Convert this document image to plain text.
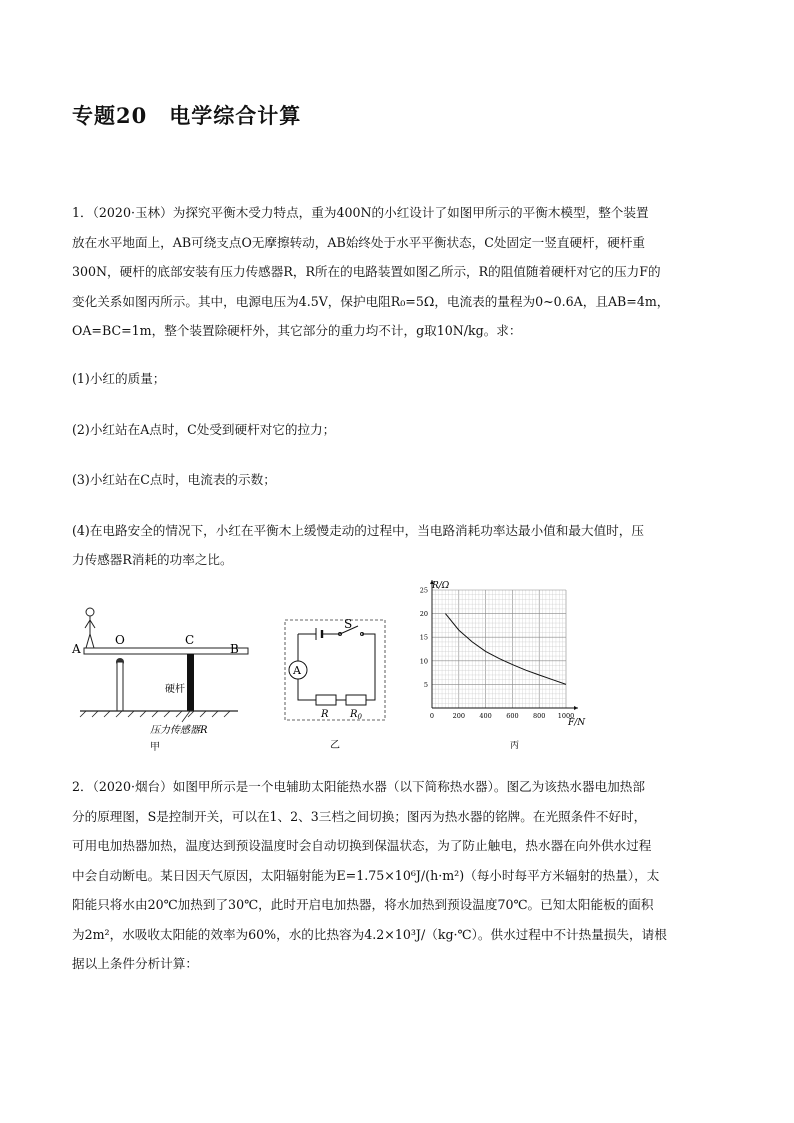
专题20　电学综合计算
1．（2020·玉林）为探究平衡木受力特点，重为400N的小红设计了如图甲所示的平衡木模型，整个装置
放在水平地面上，AB可绕支点O无摩擦转动，AB始终处于水平平衡状态，C处固定一竖直硬杆，硬杆重
300N，硬杆的底部安装有压力传感器R，R所在的电路装置如图乙所示，R的阻值随着硬杆对它的压力F的
变化关系如图丙所示。其中，电源电压为4.5V，保护电阻R₀=5Ω，电流表的量程为0~0.6A，且AB=4m，
OA=BC=1m，整个装置除硬杆外，其它部分的重力均不计，g取10N/kg。求：
(1)小红的质量；
(2)小红站在A点时，C处受到硬杆对它的拉力；
(3)小红站在C点时，电流表的示数；
(4)在电路安全的情况下，小红在平衡木上缓慢走动的过程中，当电路消耗功率达最小值和最大值时，压
力传感器R消耗的功率之比。
A
O	C
B
硬杆
压力传感器R
甲
A
S
R $R_0$
乙
0	200 400 600 800 1000
5
10
15
20
25 R/Ω
F/N
丙
2．（2020·烟台）如图甲所示是一个电辅助太阳能热水器（以下简称热水器）。图乙为该热水器电加热部
分的原理图，S是控制开关，可以在1、2、3三档之间切换；图丙为热水器的铭牌。在光照条件不好时，
可用电加热器加热，温度达到预设温度时会自动切换到保温状态，为了防止触电，热水器在向外供水过程
中会自动断电。某日因天气原因，太阳辐射能为E=1.75×10⁶J/(h·m²)（每小时每平方米辐射的热量），太
阳能只将水由20℃加热到了30℃，此时开启电加热器，将水加热到预设温度70℃。已知太阳能板的面积
为2m²，水吸收太阳能的效率为60%，水的比热容为4.2×10³J/（kg·℃）。供水过程中不计热量损失，请根
据以上条件分析计算：
